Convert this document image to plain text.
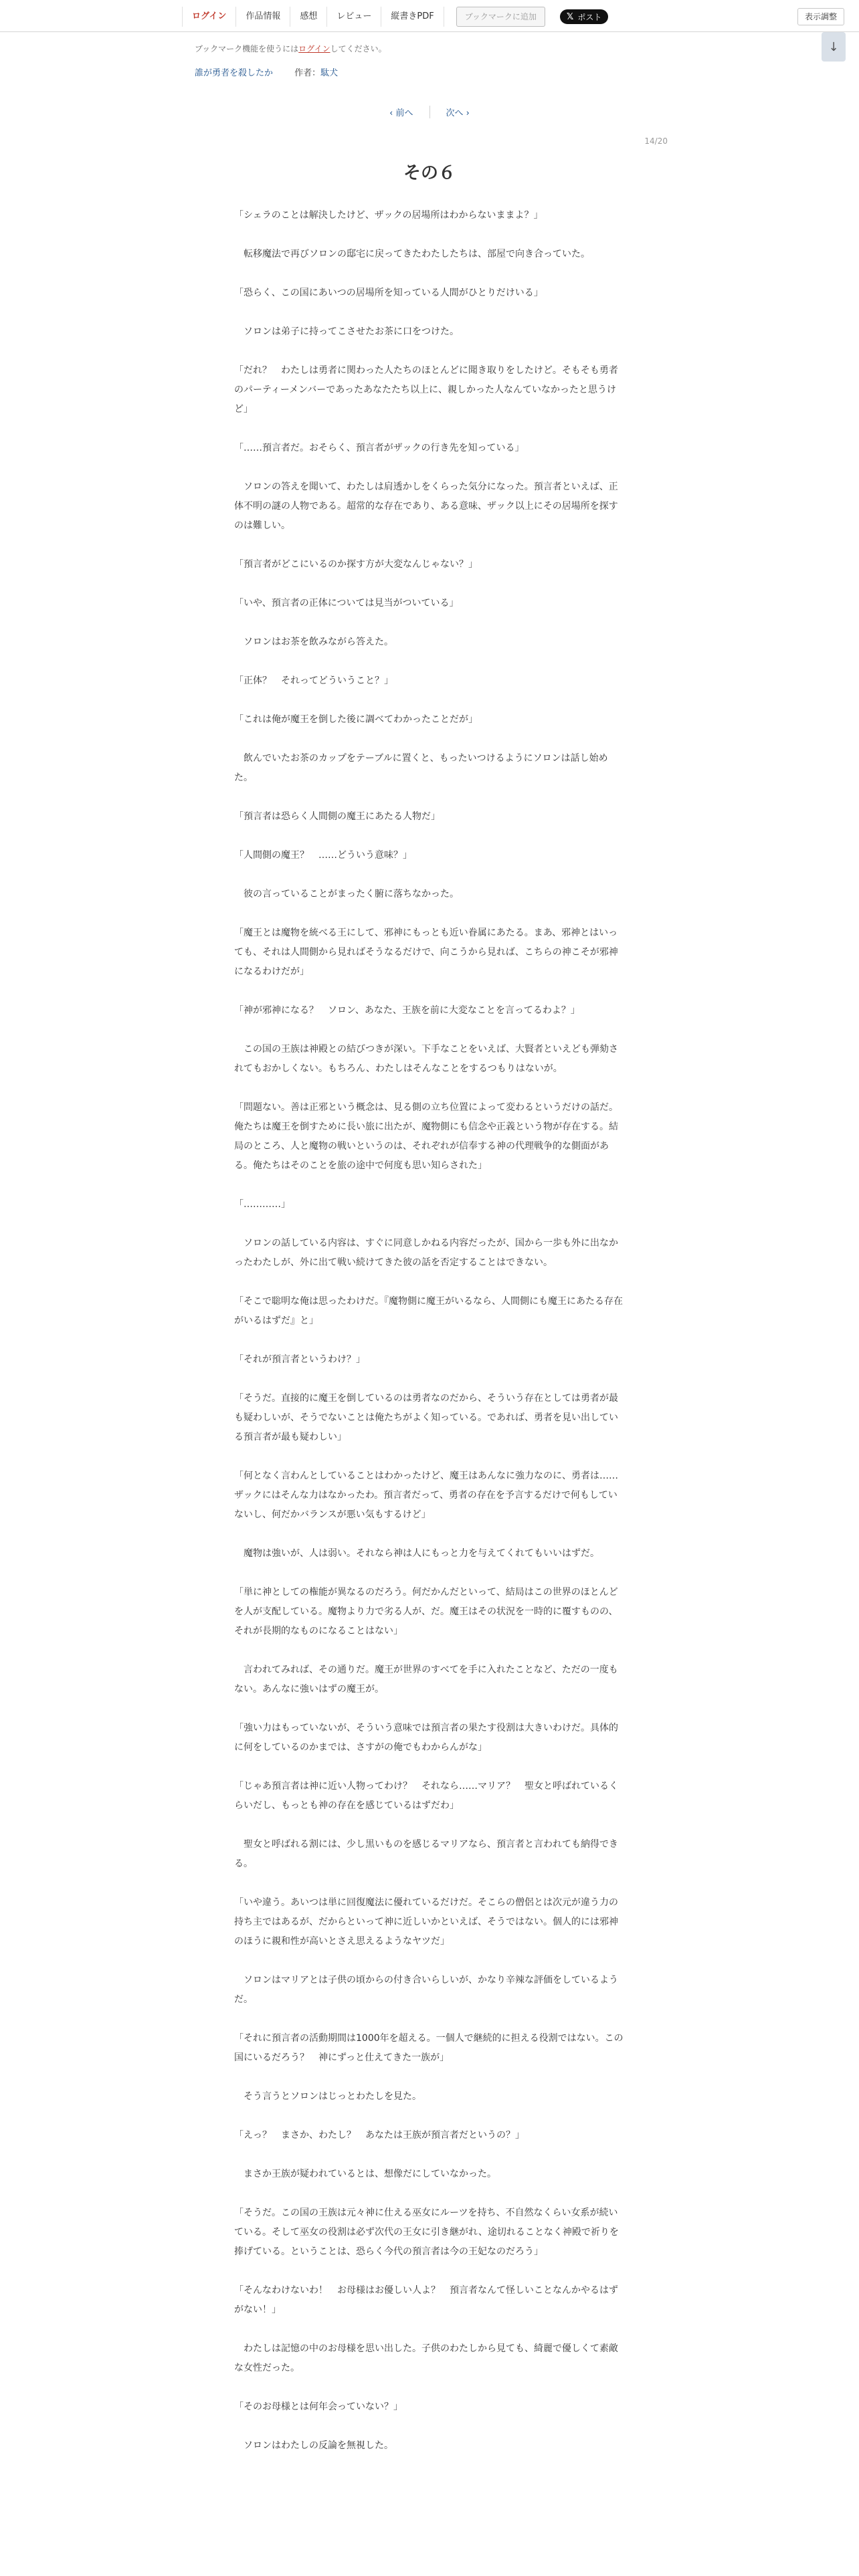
ログイン	作品情報	感想	レビュー	縦書きPDF	ブックマークに追加	𝕏 ポスト	表示調整
↓
ブックマーク機能を使うにはログインしてください。
誰が勇者を殺したか 作者：駄犬
‹ 前へ	次へ ›
14/20
その６

「シェラのことは解決したけど、ザックの居場所はわからないままよ？」

　転移魔法で再びソロンの邸宅に戻ってきたわたしたちは、部屋で向き合っていた。

「恐らく、この国にあいつの居場所を知っている人間がひとりだけいる」

　ソロンは弟子に持ってこさせたお茶に口をつけた。

「だれ？　わたしは勇者に関わった人たちのほとんどに聞き取りをしたけど。そもそも勇者のパーティーメンバーであったあなたたち以上に、親しかった人なんていなかったと思うけど」

「……預言者だ。おそらく、預言者がザックの行き先を知っている」

　ソロンの答えを聞いて、わたしは肩透かしをくらった気分になった。預言者といえば、正体不明の謎の人物である。超常的な存在であり、ある意味、ザック以上にその居場所を探すのは難しい。

「預言者がどこにいるのか探す方が大変なんじゃない？」

「いや、預言者の正体については見当がついている」

　ソロンはお茶を飲みながら答えた。

「正体？　それってどういうこと？」

「これは俺が魔王を倒した後に調べてわかったことだが」

　飲んでいたお茶のカップをテーブルに置くと、もったいつけるようにソロンは話し始めた。

「預言者は恐らく人間側の魔王にあたる人物だ」

「人間側の魔王？　……どういう意味？」

　彼の言っていることがまったく腑に落ちなかった。

「魔王とは魔物を統べる王にして、邪神にもっとも近い眷属にあたる。まあ、邪神とはいっても、それは人間側から見ればそうなるだけで、向こうから見れば、こちらの神こそが邪神になるわけだが」

「神が邪神になる？　ソロン、あなた、王族を前に大変なことを言ってるわよ？」

　この国の王族は神殿との結びつきが深い。下手なことをいえば、大賢者といえども弾劾されてもおかしくない。もちろん、わたしはそんなことをするつもりはないが。

「問題ない。善は正邪という概念は、見る側の立ち位置によって変わるというだけの話だ。俺たちは魔王を倒すために長い旅に出たが、魔物側にも信念や正義という物が存在する。結局のところ、人と魔物の戦いというのは、それぞれが信奉する神の代理戦争的な側面がある。俺たちはそのことを旅の途中で何度も思い知らされた」

「…………」

　ソロンの話している内容は、すぐに同意しかねる内容だったが、国から一歩も外に出なかったわたしが、外に出て戦い続けてきた彼の話を否定することはできない。

「そこで聡明な俺は思ったわけだ。『魔物側に魔王がいるなら、人間側にも魔王にあたる存在がいるはずだ』と」

「それが預言者というわけ？」

「そうだ。直接的に魔王を倒しているのは勇者なのだから、そういう存在としては勇者が最も疑わしいが、そうでないことは俺たちがよく知っている。であれば、勇者を見い出している預言者が最も疑わしい」

「何となく言わんとしていることはわかったけど、魔王はあんなに強力なのに、勇者は……ザックにはそんな力はなかったわ。預言者だって、勇者の存在を予言するだけで何もしていないし、何だかバランスが悪い気もするけど」

　魔物は強いが、人は弱い。それなら神は人にもっと力を与えてくれてもいいはずだ。

「単に神としての権能が異なるのだろう。何だかんだといって、結局はこの世界のほとんどを人が支配している。魔物より力で劣る人が、だ。魔王はその状況を一時的に覆すものの、それが長期的なものになることはない」

　言われてみれば、その通りだ。魔王が世界のすべてを手に入れたことなど、ただの一度もない。あんなに強いはずの魔王が。

「強い力はもっていないが、そういう意味では預言者の果たす役割は大きいわけだ。具体的に何をしているのかまでは、さすがの俺でもわからんがな」

「じゃあ預言者は神に近い人物ってわけ？　それなら……マリア？　聖女と呼ばれているくらいだし、もっとも神の存在を感じているはずだわ」

　聖女と呼ばれる割には、少し黒いものを感じるマリアなら、預言者と言われても納得できる。

「いや違う。あいつは単に回復魔法に優れているだけだ。そこらの僧侶とは次元が違う力の持ち主ではあるが、だからといって神に近しいかといえば、そうではない。個人的には邪神のほうに親和性が高いとさえ思えるようなヤツだ」

　ソロンはマリアとは子供の頃からの付き合いらしいが、かなり辛辣な評価をしているようだ。

「それに預言者の活動期間は1000年を超える。一個人で継続的に担える役割ではない。この国にいるだろう？　神にずっと仕えてきた一族が」

　そう言うとソロンはじっとわたしを見た。

「えっ？　まさか、わたし？　あなたは王族が預言者だというの？」

　まさか王族が疑われているとは、想像だにしていなかった。

「そうだ。この国の王族は元々神に仕える巫女にルーツを持ち、不自然なくらい女系が続いている。そして巫女の役割は必ず次代の王女に引き継がれ、途切れることなく神殿で祈りを捧げている。ということは、恐らく今代の預言者は今の王妃なのだろう」

「そんなわけないわ！　お母様はお優しい人よ？　預言者なんて怪しいことなんかやるはずがない！」

　わたしは記憶の中のお母様を思い出した。子供のわたしから見ても、綺麗で優しくて素敵な女性だった。

「そのお母様とは何年会っていない？」

　ソロンはわたしの反論を無視した。
